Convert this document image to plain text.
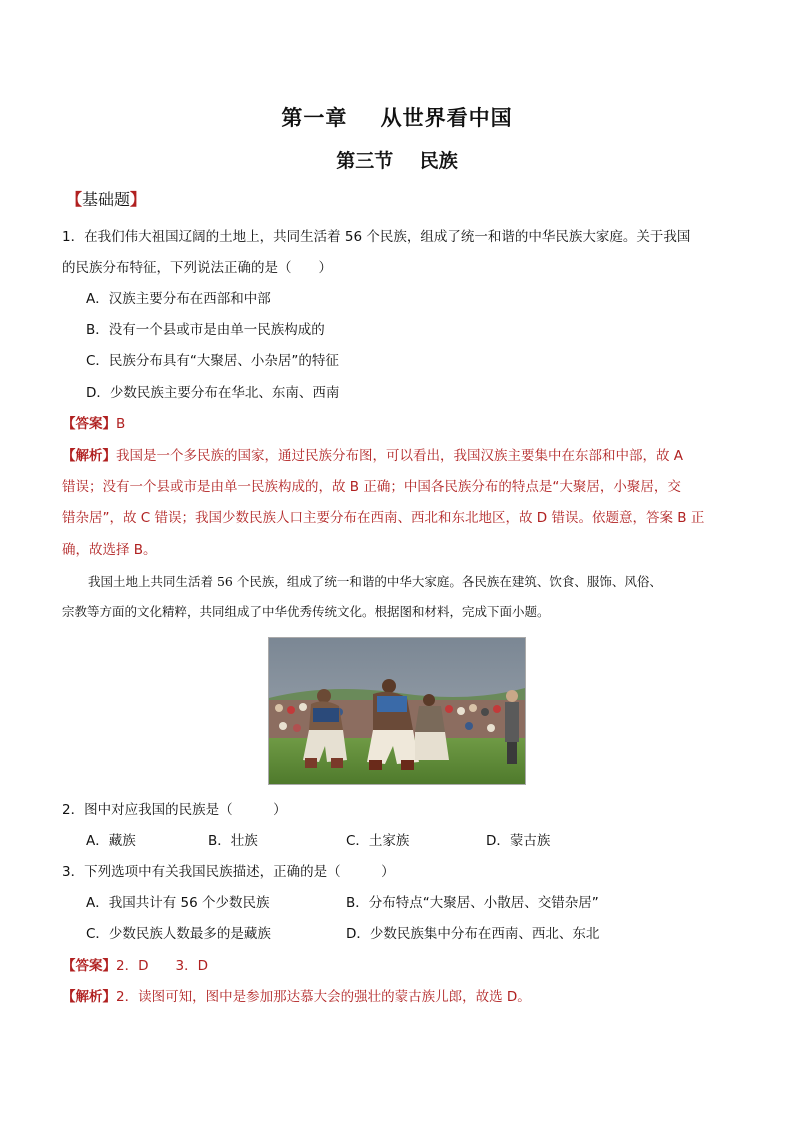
第一章    从世界看中国
第三节    民族
【基础题】
1．在我们伟大祖国辽阔的土地上，共同生活着 56 个民族，组成了统一和谐的中华民族大家庭。关于我国
的民族分布特征，下列说法正确的是（　　）
A．汉族主要分布在西部和中部
B．没有一个县或市是由单一民族构成的
C．民族分布具有“大聚居、小杂居”的特征
D．少数民族主要分布在华北、东南、西南
【答案】B
【解析】我国是一个多民族的国家，通过民族分布图，可以看出，我国汉族主要集中在东部和中部，故 A
错误；没有一个县或市是由单一民族构成的，故 B 正确；中国各民族分布的特点是“大聚居，小聚居，交
错杂居”，故 C 错误；我国少数民族人口主要分布在西南、西北和东北地区，故 D 错误。依题意，答案 B 正
确，故选择 B。
我国土地上共同生活着 56 个民族，组成了统一和谐的中华大家庭。各民族在建筑、饮食、服饰、风俗、
宗教等方面的文化精粹，共同组成了中华优秀传统文化。根据图和材料，完成下面小题。
2．图中对应我国的民族是（　　　）
A．藏族	B．壮族	C．土家族	D．蒙古族
3．下列选项中有关我国民族描述，正确的是（　　　）
A．我国共计有 56 个少数民族	B．分布特点“大聚居、小散居、交错杂居”
C．少数民族人数最多的是藏族	D．少数民族集中分布在西南、西北、东北
【答案】2．D　　3．D
【解析】2．读图可知，图中是参加那达慕大会的强壮的蒙古族儿郎，故选 D。
